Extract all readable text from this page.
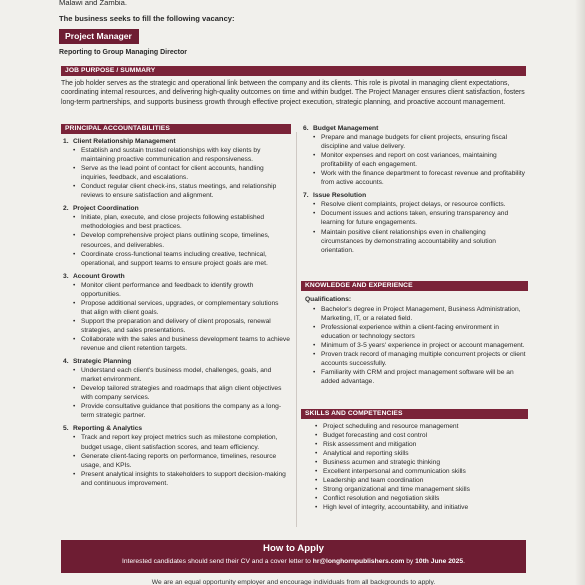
Malawi and Zambia.
The business seeks to fill the following vacancy:
Project Manager
Reporting to Group Managing Director
JOB PURPOSE / SUMMARY
The job holder serves as the strategic and operational link between the company and its clients. This role is pivotal in managing client expectations, coordinating internal resources, and delivering high-quality outcomes on time and within budget. The Project Manager ensures client satisfaction, fosters long-term partnerships, and supports business growth through effective project execution, strategic planning, and proactive account management.
PRINCIPAL ACCOUNTABILITIES
1. Client Relationship Management
• Establish and sustain trusted relationships with key clients by maintaining proactive communication and responsiveness.
• Serve as the lead point of contact for client accounts, handling inquiries, feedback, and escalations.
• Conduct regular client check-ins, status meetings, and relationship reviews to ensure satisfaction and alignment.
2. Project Coordination
• Initiate, plan, execute, and close projects following established methodologies and best practices.
• Develop comprehensive project plans outlining scope, timelines, resources, and deliverables.
• Coordinate cross-functional teams including creative, technical, operational, and support teams to ensure project goals are met.
3. Account Growth
• Monitor client performance and feedback to identify growth opportunities.
• Propose additional services, upgrades, or complementary solutions that align with client goals.
• Support the preparation and delivery of client proposals, renewal strategies, and sales presentations.
• Collaborate with the sales and business development teams to achieve revenue and client retention targets.
4. Strategic Planning
• Understand each client's business model, challenges, goals, and market environment.
• Develop tailored strategies and roadmaps that align client objectives with company services.
• Provide consultative guidance that positions the company as a long-term strategic partner.
5. Reporting & Analytics
• Track and report key project metrics such as milestone completion, budget usage, client satisfaction scores, and team efficiency.
• Generate client-facing reports on performance, timelines, resource usage, and KPIs.
• Present analytical insights to stakeholders to support decision-making and continuous improvement.
6. Budget Management
• Prepare and manage budgets for client projects, ensuring fiscal discipline and value delivery.
• Monitor expenses and report on cost variances, maintaining profitability of each engagement.
• Work with the finance department to forecast revenue and profitability from active accounts.
7. Issue Resolution
• Resolve client complaints, project delays, or resource conflicts.
• Document issues and actions taken, ensuring transparency and learning for future engagements.
• Maintain positive client relationships even in challenging circumstances by demonstrating accountability and solution orientation.
KNOWLEDGE AND EXPERIENCE
Qualifications:
• Bachelor's degree in Project Management, Business Administration, Marketing, IT, or a related field.
• Professional experience within a client-facing environment in education or technology sectors
• Minimum of 3-5 years' experience in project or account management.
• Proven track record of managing multiple concurrent projects or client accounts successfully.
• Familiarity with CRM and project management software will be an added advantage.
SKILLS AND COMPETENCIES
• Project scheduling and resource management
• Budget forecasting and cost control
• Risk assessment and mitigation
• Analytical and reporting skills
• Business acumen and strategic thinking
• Excellent interpersonal and communication skills
• Leadership and team coordination
• Strong organizational and time management skills
• Conflict resolution and negotiation skills
• High level of integrity, accountability, and initiative
How to Apply
Interested candidates should send their CV and a cover letter to hr@longhornpublishers.com by 10th June 2025.
We are an equal opportunity employer and encourage individuals from all backgrounds to apply.
